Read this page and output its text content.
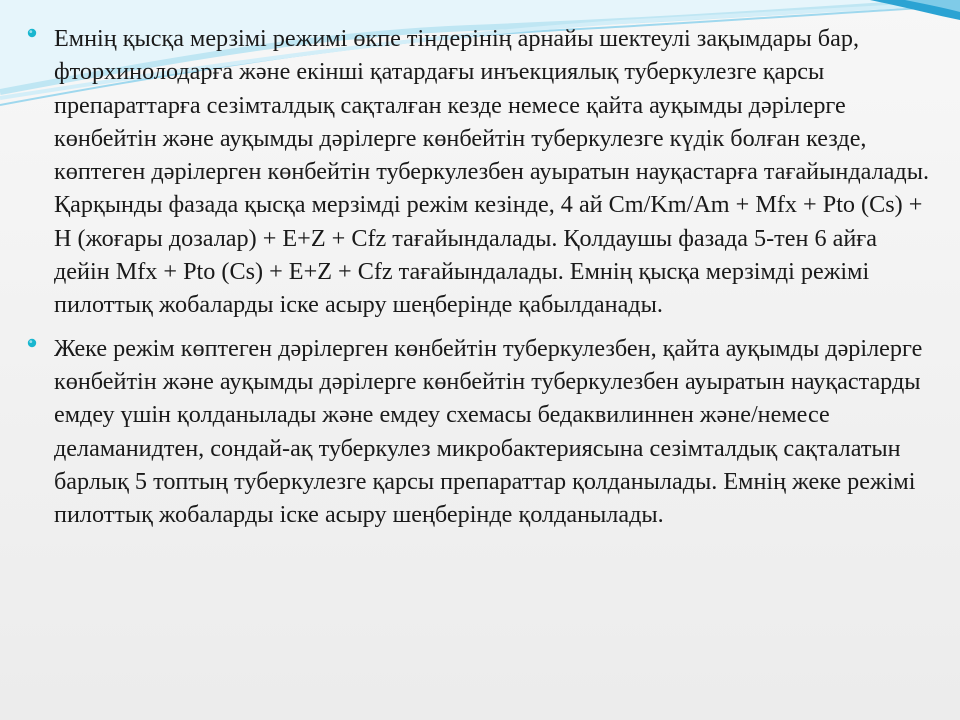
Емнің қысқа мерзімі режимі өкпе тіндерінің арнайы шектеулі зақымдары бар, фторхинолодарға және екінші қатардағы инъекциялық туберкулезге қарсы препараттарға сезімталдық сақталған кезде немесе қайта ауқымды дәрілерге көнбейтін және ауқымды дәрілерге көнбейтін туберкулезге күдік болған кезде, көптеген дәрілерген көнбейтін туберкулезбен ауыратын науқастарға тағайындалады. Қарқынды фазада қысқа мерзімді режім кезінде, 4 ай Cm/Km/Am + Mfx + Pto (Cs) + H (жоғары дозалар) + E+Z + Cfz тағайындалады. Қолдаушы фазада 5-тен 6 айға дейін Mfx + Pto (Cs) + E+Z + Cfz тағайындалады. Емнің қысқа мерзімді режімі пилоттық жобаларды іске асыру шеңберінде қабылданады.
Жеке режім көптеген дәрілерген көнбейтін туберкулезбен, қайта ауқымды дәрілерге көнбейтін және ауқымды дәрілерге көнбейтін туберкулезбен ауыратын науқастарды емдеу үшін қолданылады және емдеу схемасы бедаквилиннен және/немесе деламанидтен, сондай-ақ туберкулез микробактериясына сезімталдық сақталатын барлық 5 топтың туберкулезге қарсы препараттар қолданылады. Емнің жеке режімі пилоттық жобаларды іске асыру шеңберінде қолданылады.
